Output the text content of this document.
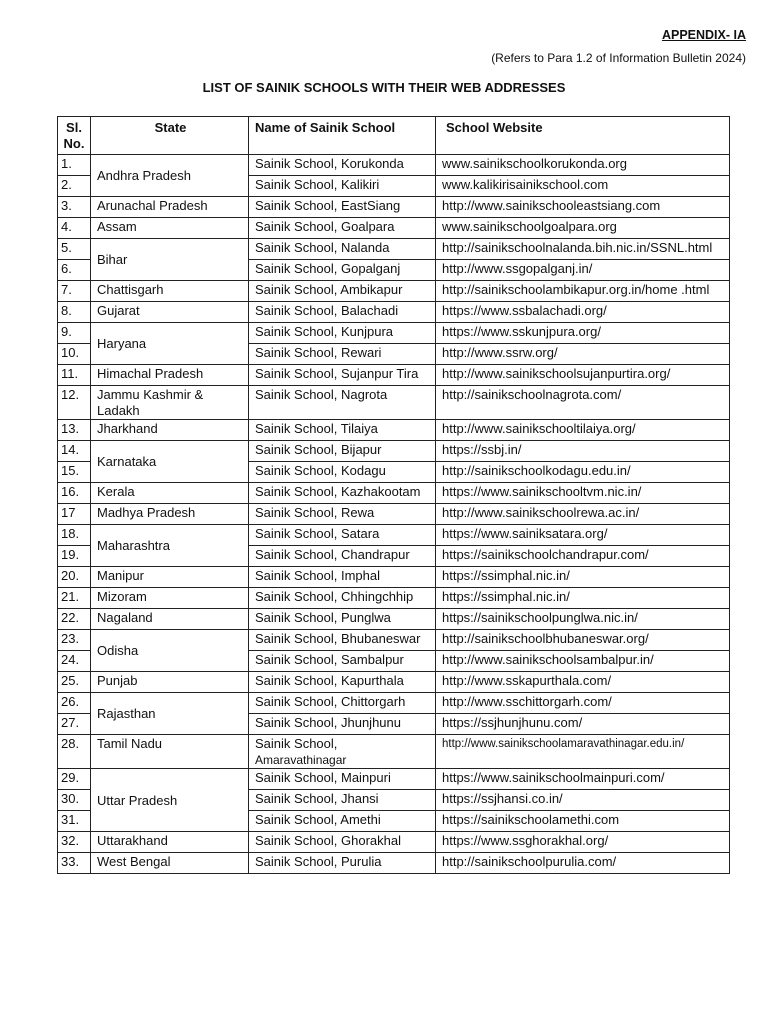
APPENDIX- IA
(Refers to Para 1.2 of Information Bulletin 2024)
LIST OF SAINIK SCHOOLS WITH THEIR WEB ADDRESSES
Sl. No.	State	Name of Sainik School	School Website
1.	Andhra Pradesh	Sainik School, Korukonda	www.sainikschoolkorukonda.org
2.		Sainik School, Kalikiri	www.kalikirisainikschool.com
3.	Arunachal Pradesh	Sainik School, EastSiang	http://www.sainikschooleastsiang.com
4.	Assam	Sainik School, Goalpara	www.sainikschoolgoalpara.org
5.	Bihar	Sainik School, Nalanda	http://sainikschoolnalanda.bih.nic.in/SSNL.html
6.		Sainik School, Gopalganj	http://www.ssgopalganj.in/
7.	Chattisgarh	Sainik School, Ambikapur	http://sainikschoolambikapur.org.in/home .html
8.	Gujarat	Sainik School, Balachadi	https://www.ssbalachadi.org/
9.	Haryana	Sainik School, Kunjpura	https://www.sskunjpura.org/
10.		Sainik School, Rewari	http://www.ssrw.org/
11.	Himachal Pradesh	Sainik School, Sujanpur Tira	http://www.sainikschoolsujanpurtira.org/
12.	Jammu Kashmir & Ladakh	Sainik School, Nagrota	http://sainikschoolnagrota.com/
13.	Jharkhand	Sainik School, Tilaiya	http://www.sainikschooltilaiya.org/
14.	Karnataka	Sainik School, Bijapur	https://ssbj.in/
15.		Sainik School, Kodagu	http://sainikschoolkodagu.edu.in/
16.	Kerala	Sainik School, Kazhakootam	https://www.sainikschooltvm.nic.in/
17	Madhya Pradesh	Sainik School, Rewa	http://www.sainikschoolrewa.ac.in/
18.	Maharashtra	Sainik School, Satara	https://www.sainiksatara.org/
19.		Sainik School, Chandrapur	https://sainikschoolchandrapur.com/
20.	Manipur	Sainik School, Imphal	https://ssimphal.nic.in/
21.	Mizoram	Sainik School, Chhingchhip	https://ssimphal.nic.in/
22.	Nagaland	Sainik School, Punglwa	https://sainikschoolpunglwa.nic.in/
23.	Odisha	Sainik School, Bhubaneswar	http://sainikschoolbhubaneswar.org/
24.		Sainik School, Sambalpur	http://www.sainikschoolsambalpur.in/
25.	Punjab	Sainik School, Kapurthala	http://www.sskapurthala.com/
26.	Rajasthan	Sainik School, Chittorgarh	http://www.sschittorgarh.com/
27.		Sainik School, Jhunjhunu	https://ssjhunjhunu.com/
28.	Tamil Nadu	Sainik School,
Amaravathinagar	http://www.sainikschoolamaravathinagar.edu.in/
29.	Uttar Pradesh	Sainik School, Mainpuri	https://www.sainikschoolmainpuri.com/
30.		Sainik School, Jhansi	https://ssjhansi.co.in/
31.		Sainik School, Amethi	https://sainikschoolamethi.com
32.	Uttarakhand	Sainik School, Ghorakhal	https://www.ssghorakhal.org/
33.	West Bengal	Sainik School, Purulia	http://sainikschoolpurulia.com/
